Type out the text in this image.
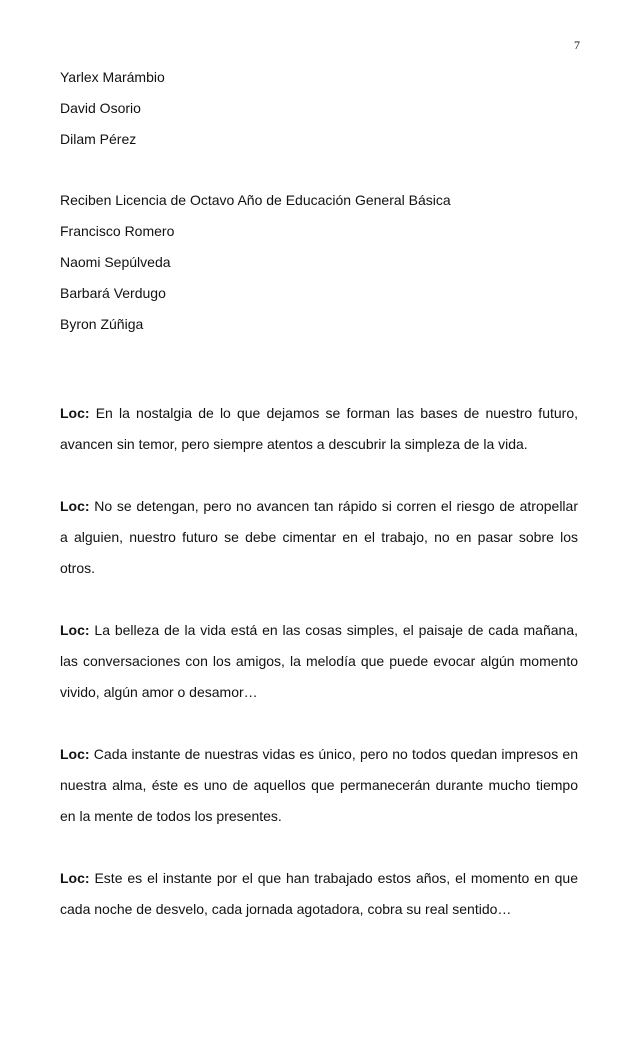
7
Yarlex Marámbio
David Osorio
Dilam Pérez
Reciben Licencia de Octavo Año de Educación General Básica
Francisco Romero
Naomi Sepúlveda
Barbará Verdugo
Byron Zúñiga

Loc: En la nostalgia de lo que dejamos se forman las bases de nuestro futuro, avancen sin temor, pero siempre atentos a descubrir la simpleza de la vida.

Loc: No se detengan, pero no avancen tan rápido si corren el riesgo de atropellar a alguien, nuestro futuro se debe cimentar en el trabajo, no en pasar sobre los otros.

Loc: La belleza de la vida está en las cosas simples, el paisaje de cada mañana, las conversaciones con los amigos, la melodía que puede evocar algún momento vivido, algún amor o desamor…

Loc: Cada instante de nuestras vidas es único, pero no todos quedan impresos en nuestra alma, éste es uno de aquellos que permanecerán durante mucho tiempo en la mente de todos los presentes.

Loc: Este es el instante por el que han trabajado estos años, el momento en que cada noche de desvelo, cada jornada agotadora, cobra su real sentido…
